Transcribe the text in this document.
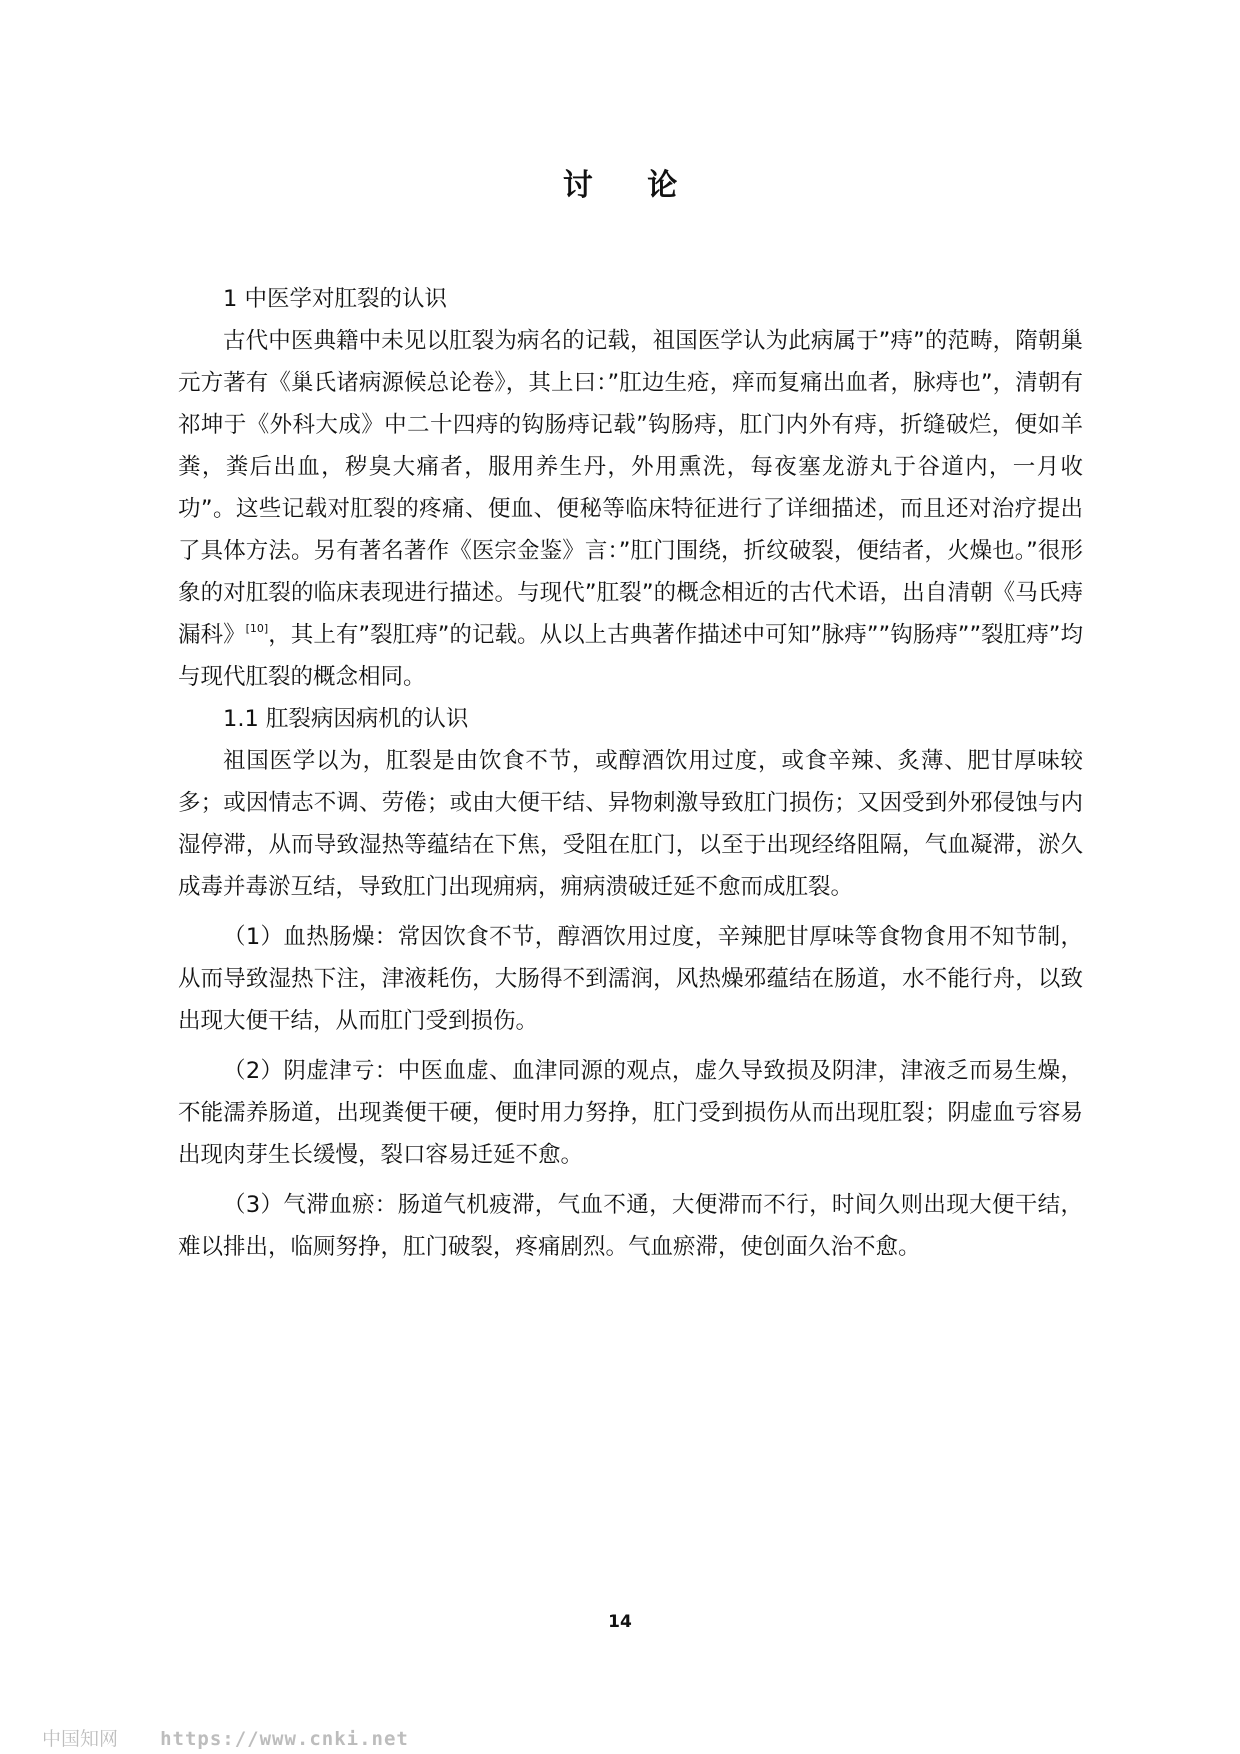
讨 论

1 中医学对肛裂的认识

古代中医典籍中未见以肛裂为病名的记载，祖国医学认为此病属于”痔”的范畴，隋朝巢元方著有《巢氏诸病源候总论卷》，其上曰：”肛边生疮，痒而复痛出血者，脉痔也”，清朝有祁坤于《外科大成》中二十四痔的钩肠痔记载”钩肠痔，肛门内外有痔，折缝破烂，便如羊粪，粪后出血，秽臭大痛者，服用养生丹，外用熏洗，每夜塞龙游丸于谷道内，一月收功”。这些记载对肛裂的疼痛、便血、便秘等临床特征进行了详细描述，而且还对治疗提出了具体方法。另有著名著作《医宗金鉴》言：”肛门围绕，折纹破裂，便结者，火燥也。”很形象的对肛裂的临床表现进行描述。与现代”肛裂”的概念相近的古代术语，出自清朝《马氏痔漏科》[10]，其上有”裂肛痔”的记载。从以上古典著作描述中可知”脉痔””钩肠痔””裂肛痔”均与现代肛裂的概念相同。

1.1 肛裂病因病机的认识

祖国医学以为，肛裂是由饮食不节，或醇酒饮用过度，或食辛辣、炙薄、肥甘厚味较多；或因情志不调、劳倦；或由大便干结、异物刺激导致肛门损伤；又因受到外邪侵蚀与内湿停滞，从而导致湿热等蕴结在下焦，受阻在肛门，以至于出现经络阻隔，气血凝滞，淤久成毒并毒淤互结，导致肛门出现痈病，痈病溃破迁延不愈而成肛裂。

（1）血热肠燥：常因饮食不节，醇酒饮用过度，辛辣肥甘厚味等食物食用不知节制，从而导致湿热下注，津液耗伤，大肠得不到濡润，风热燥邪蕴结在肠道，水不能行舟，以致出现大便干结，从而肛门受到损伤。

（2）阴虚津亏：中医血虚、血津同源的观点，虚久导致损及阴津，津液乏而易生燥，不能濡养肠道，出现粪便干硬，便时用力努挣，肛门受到损伤从而出现肛裂；阴虚血亏容易出现肉芽生长缓慢，裂口容易迁延不愈。

（3）气滞血瘀：肠道气机疲滞，气血不通，大便滞而不行，时间久则出现大便干结，难以排出，临厕努挣，肛门破裂，疼痛剧烈。气血瘀滞，使创面久治不愈。

14
中国知网 https://www.cnki.net
